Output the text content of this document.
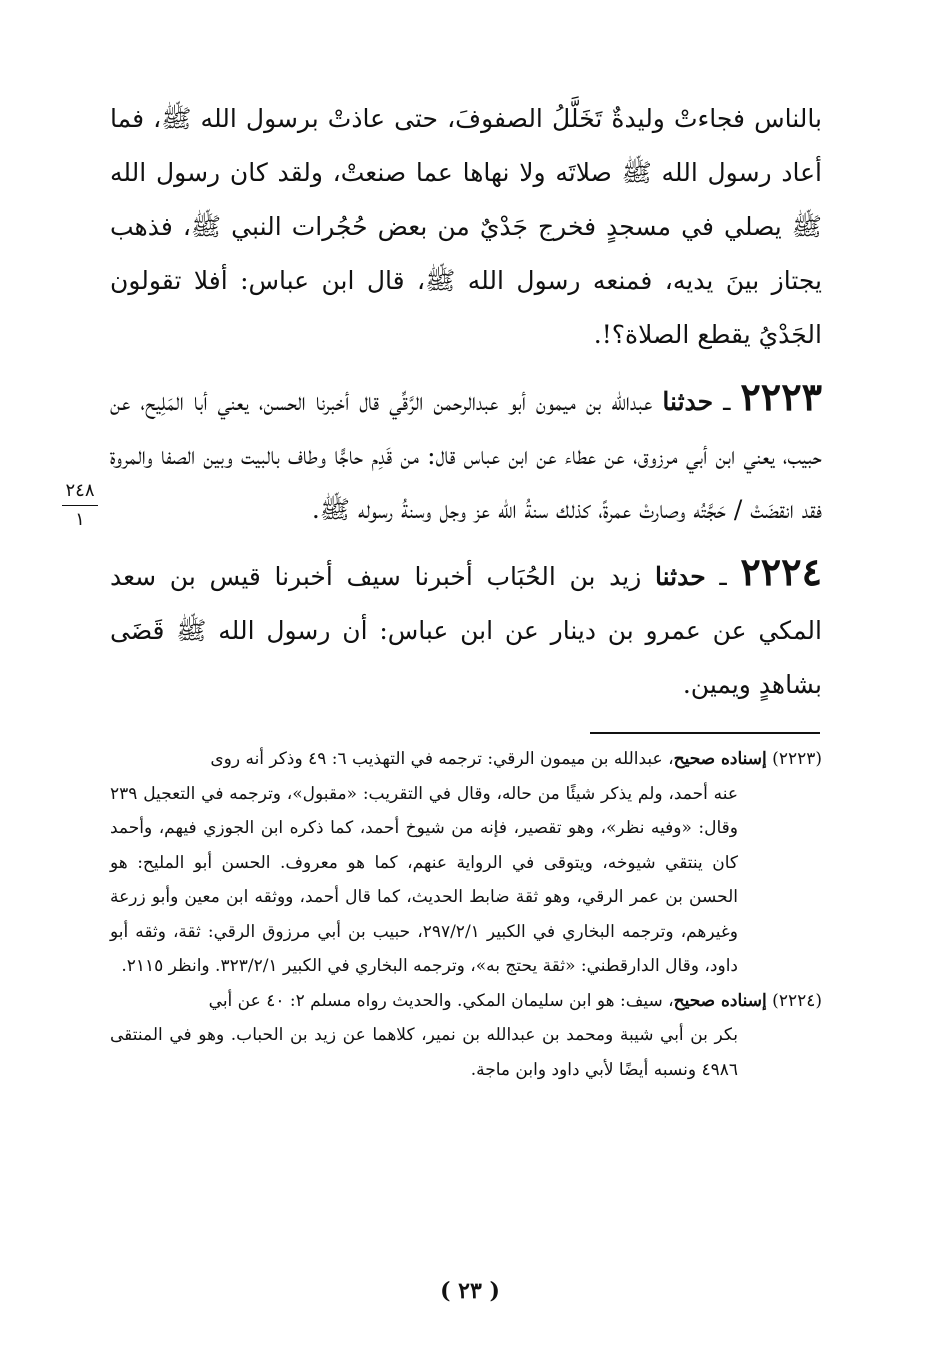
بالناس فجاءتْ وليدةٌ تَخَلَّلُ الصفوفَ، حتى عاذتْ برسول الله ﷺ، فما أعاد رسول الله ﷺ صلاتَه ولا نهاها عما صنعتْ، ولقد كان رسول الله ﷺ يصلي في مسجدٍ فخرج جَدْيٌ من بعض حُجُرات النبي ﷺ، فذهب يجتاز بينَ يديه، فمنعه رسول الله ﷺ، قال ابن عباس: أفلا تقولون الجَدْيُ يقطع الصلاة؟!.

٢٢٢٣ ـ حدثنا عبدالله بن ميمون أبو عبدالرحمن الرَّقِّي قال أخبرنا الحسن، يعني أبا المَلِيح، عن حبيب، يعني ابن أبي مرزوق، عن عطاء عن ابن عباس قال: من قَدِم حاجًّا وطاف بالبيت وبين الصفا والمروة فقد انقضَتْ / حَجَّتُه وصارتْ عمرةً، كذلك سنةُ الله عز وجل وسنةُ رسوله ﷺ.

٢٢٢٤ ـ حدثنا زيد بن الحُبَاب أخبرنا سيف أخبرنا قيس بن سعد المكي عن عمرو بن دينار عن ابن عباس: أن رسول الله ﷺ قَضَى بشاهدٍ ويمين.

٢٤٨
١

(٢٢٢٣) إسناده صحيح، عبدالله بن ميمون الرقي: ترجمه في التهذيب ٦: ٤٩ وذكر أنه روى

عنه أحمد، ولم يذكر شيئًا من حاله، وقال في التقريب: «مقبول»، وترجمه في التعجيل ٢٣٩ وقال: «وفيه نظر»، وهو تقصير، فإنه من شيوخ أحمد، كما ذكره ابن الجوزي فيهم، وأحمد كان ينتقي شيوخه، ويتوقى في الرواية عنهم، كما هو معروف. الحسن أبو المليح: هو الحسن بن عمر الرقي، وهو ثقة ضابط الحديث، كما قال أحمد، ووثقه ابن معين وأبو زرعة وغيرهم، وترجمه البخاري في الكبير ٢٩٧/٢/١، حبيب بن أبي مرزوق الرقي: ثقة، وثقه أبو داود، وقال الدارقطني: «ثقة يحتج به»، وترجمه البخاري في الكبير ٣٢٣/٢/١. وانظر ٢١١٥.

(٢٢٢٤) إسناده صحيح، سيف: هو ابن سليمان المكي. والحديث رواه مسلم ٢: ٤٠ عن أبي

بكر بن أبي شيبة ومحمد بن عبدالله بن نمير، كلاهما عن زيد بن الحباب. وهو في المنتقى ٤٩٨٦ ونسبه أيضًا لأبي داود وابن ماجة.

( ٢٣ )
